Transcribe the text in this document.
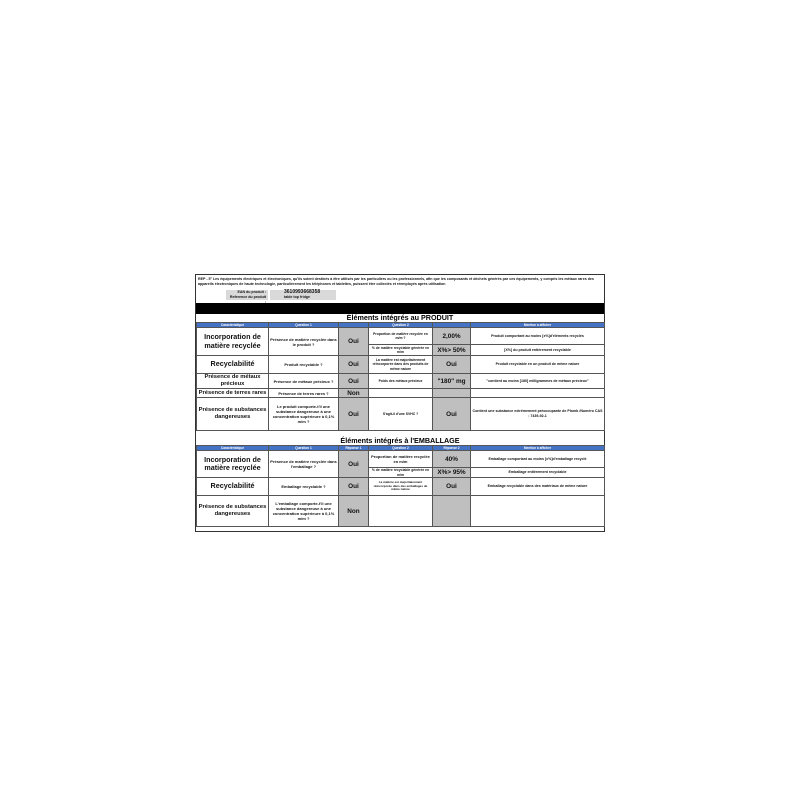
REP - 5° Les équipements électriques et électroniques, qu'ils soient destinés à être utilisés par les particuliers ou les professionnels, afin que les composants et déchets générés par ces équipements, y compris les métaux rares des appareils électroniques de haute technologie, particulièrement les téléphones et tablettes, puissent être collectés et réemployés après utilisation
EAN du produit :	3610993668358
Reference du produit :
table top fridge
Éléments intégrés au PRODUIT
Caractéristique	Question 1		Question 2		Mention à afficher
Incorporation de matière recyclée	Présence de matière recyclée dans le produit ?	Oui	Proportion de matière recyclée en m/m ?	2,00%	Produit comportant au moins [x%]d'éléments recyclés
			% de matière recyclable générée en m/m	X%> 50%	[X%] du produit entièrement recyclable
Recyclabilité	Produit recyclable ?	Oui	La matière est majoritairement réincorporée dans des produits de même nature	Oui	Produit recyclable en un produit de même nature
Présence de métaux précieux	Présence de métaux précieux ?	Oui	Poids des métaux précieux	"180" mg	"contient au moins [180] milligrammes de métaux précieux"
Présence de terres rares	Présence de terres rares ?	Non			
Présence de substances dangereuses	Le produit comporte-t'il une substance dangereuse à une concentration supérieure à 0,1% m/m ?	Oui	S'agit-il d'une SVHC ?	Oui	Contient une substance extrêmement préoccupante de Plomb /Numéro CAS : 7439-92-1
Éléments intégrés à l'EMBALLAGE
Caractéristique	Question 1	Réponse 1	Question 2	Réponse 2	Mention à afficher
Incorporation de matière recyclée	Présence de matière recyclée dans l'emballage ?	Oui	Proportion de matière recyclée en m/m	40%	Emballage comportant au moins [x%]d'emballage recyclé
			% de matière recyclable générée en m/m	X%> 95%	Emballage entièrement recyclable
Recyclabilité	Emballage recyclable ?	Oui	La matière est majoritairement réincorporée dans des emballages de même nature	Oui	Emballage recyclable dans des matériaux de même nature
Présence de substances dangereuses	L'emballage comporte-t'il une substance dangereuse à une concentration supérieure à 0,1% m/m ?	Non			
